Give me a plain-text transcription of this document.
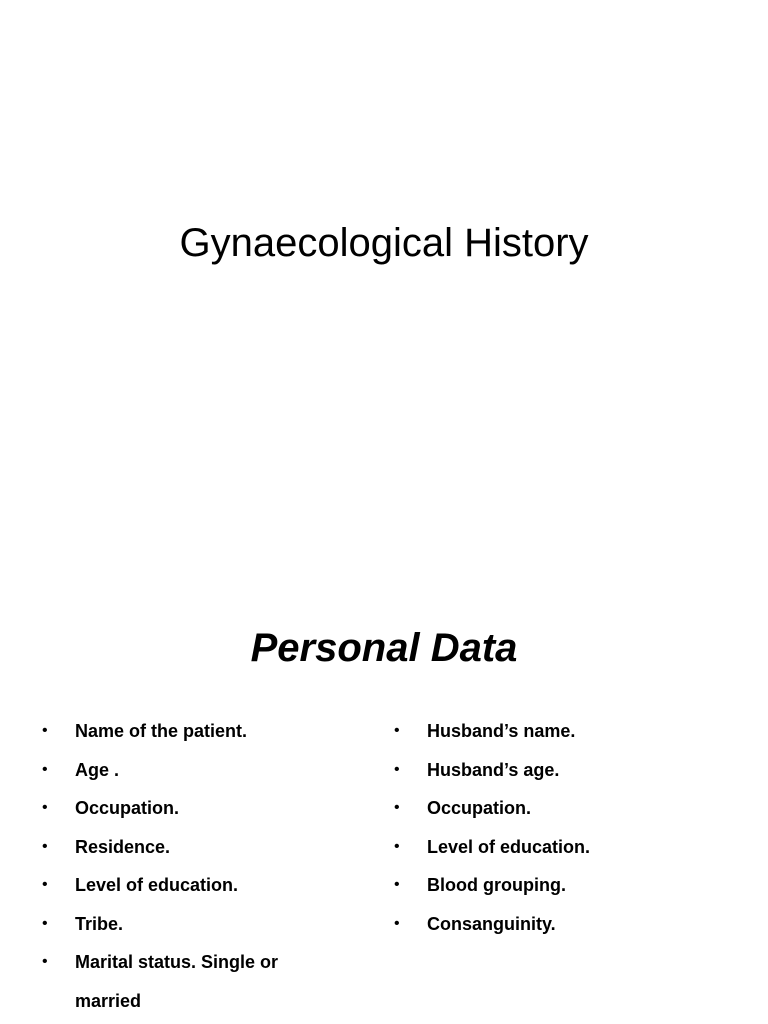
Gynaecological History
Personal Data
• Name of the patient.
• Age .
• Occupation.
• Residence.
• Level of education.
• Tribe.
• Marital status. Single or married
• Husband’s name.
• Husband’s age.
• Occupation.
• Level of education.
• Blood grouping.
• Consanguinity.
